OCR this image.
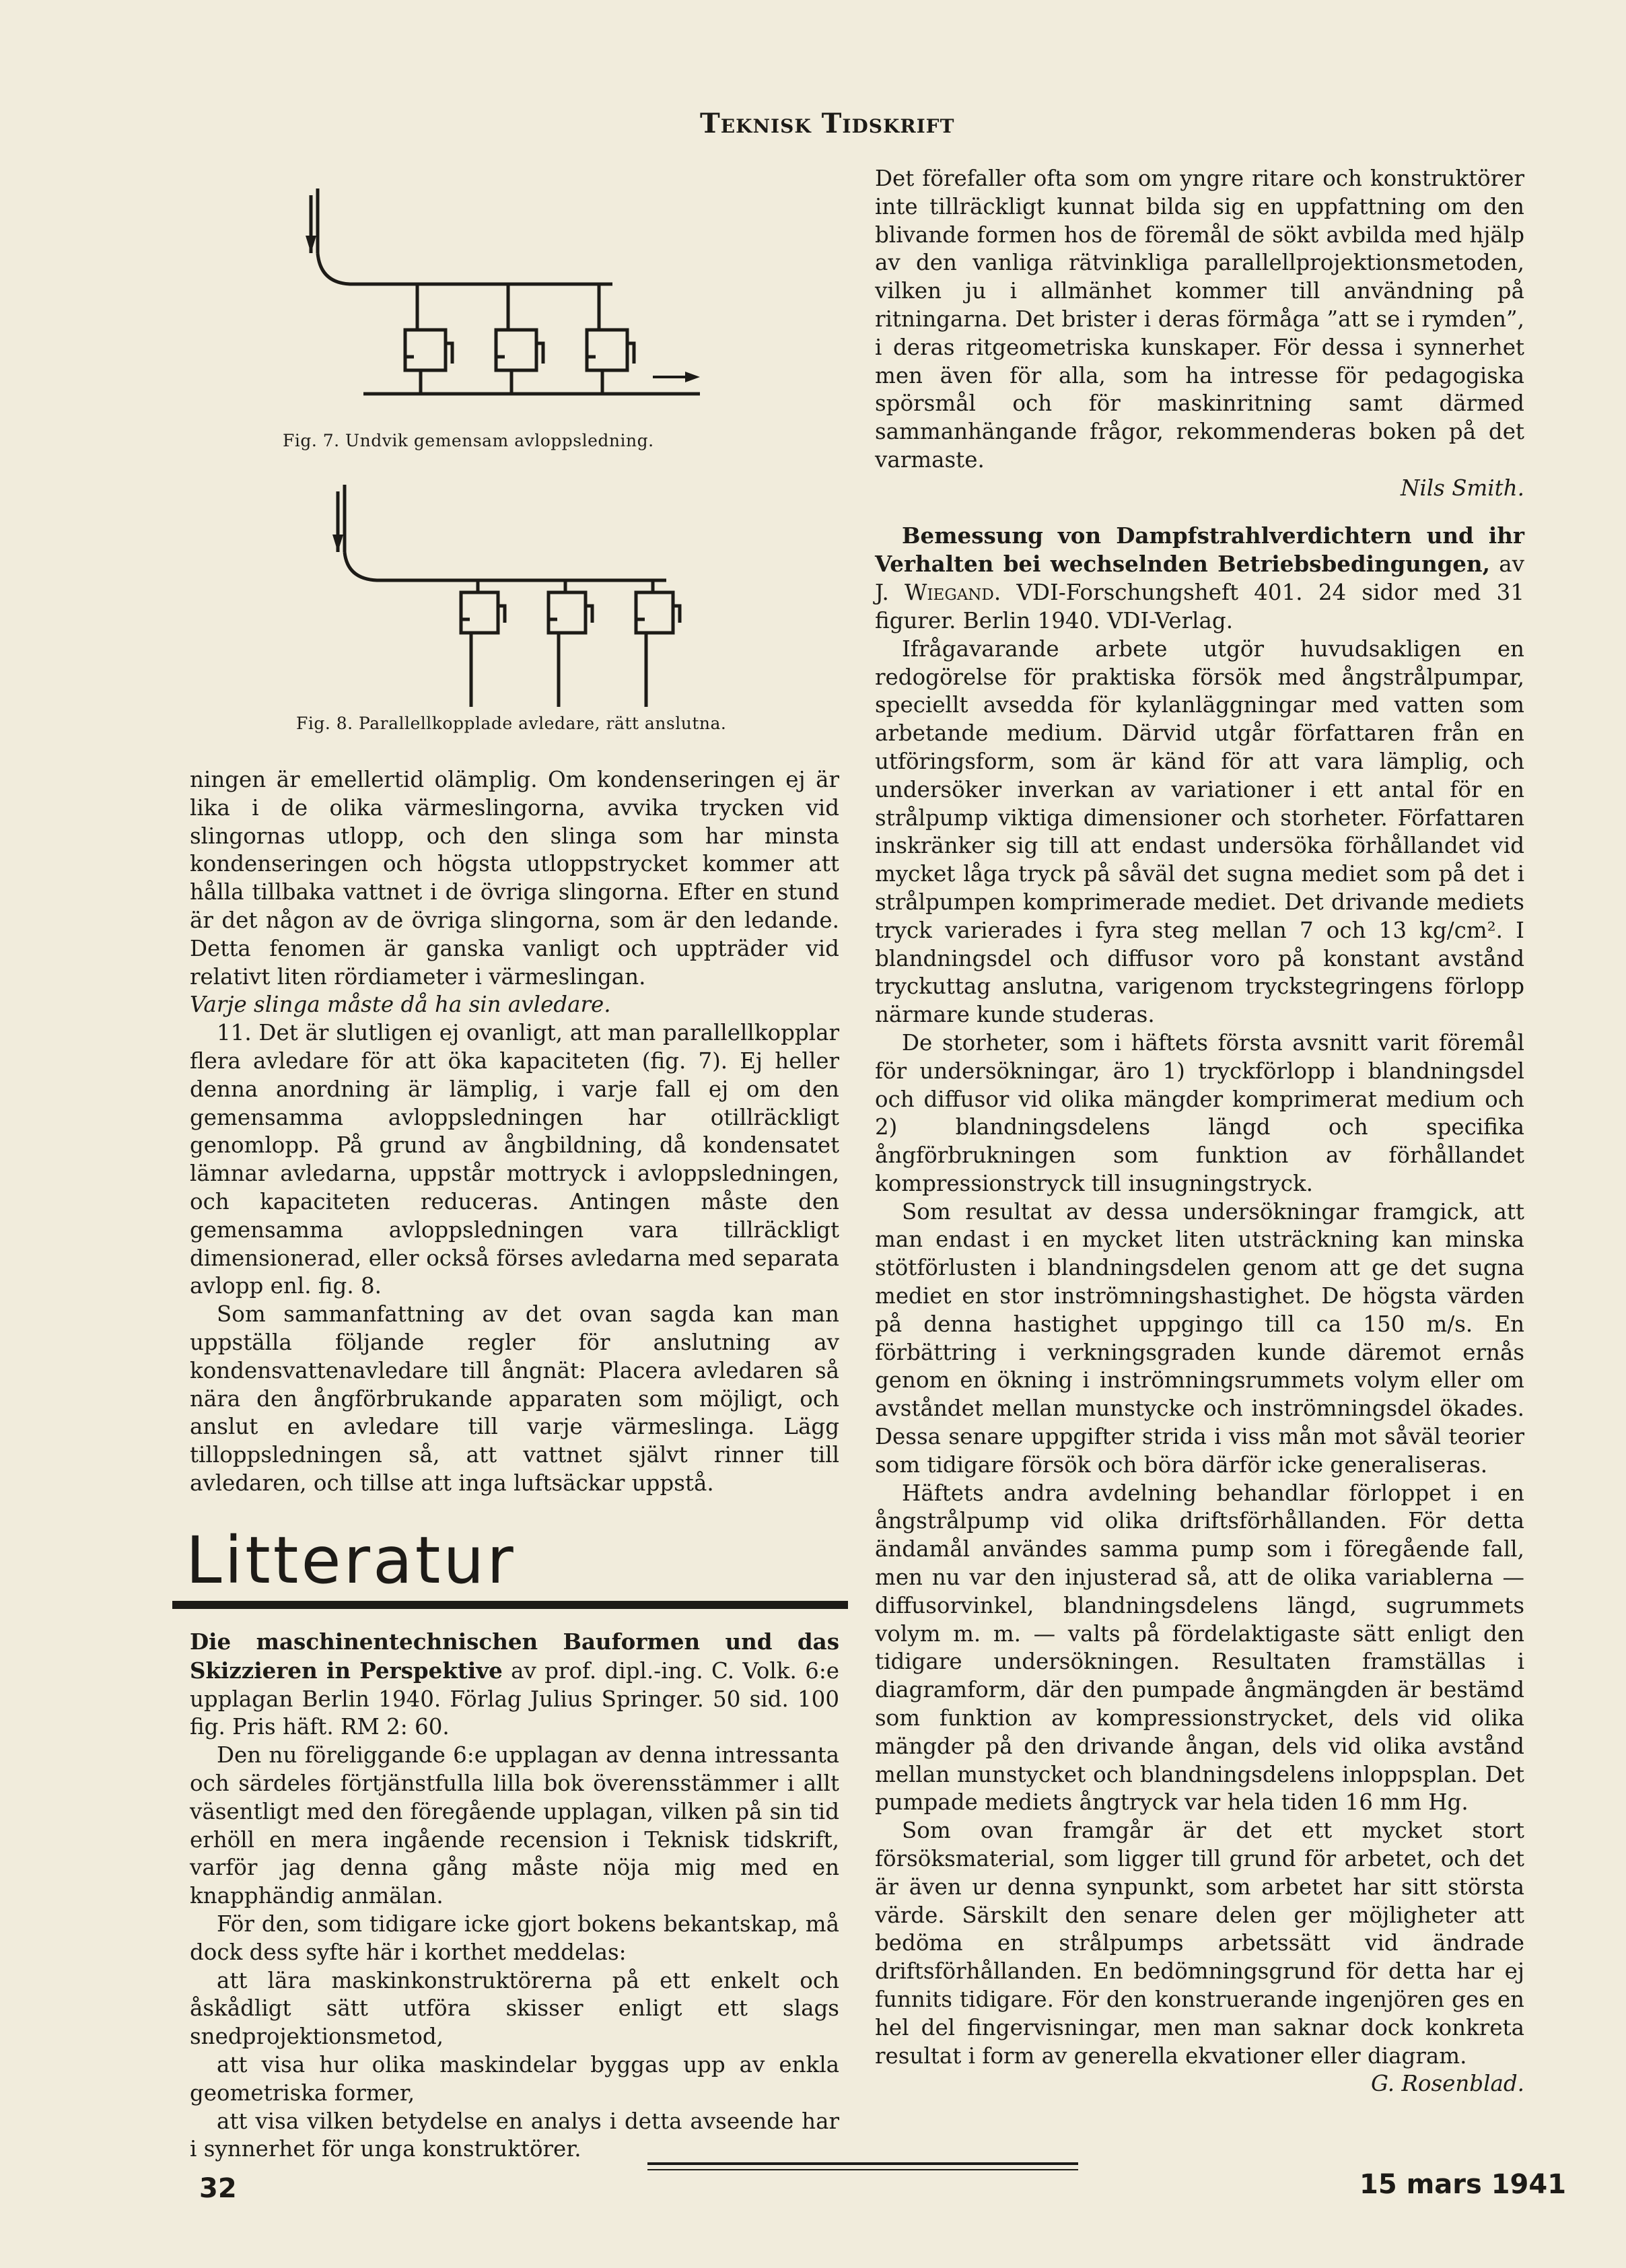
Teknisk Tidskrift
Fig. 7. Undvik gemensam avloppsledning.
Fig. 8. Parallellkopplade avledare, rätt anslutna.

ningen är emellertid olämplig. Om kondenseringen ej är lika i de olika värmeslingorna, avvika trycken vid slingornas utlopp, och den slinga som har minsta kondenseringen och högsta utloppstrycket kommer att hålla tillbaka vattnet i de övriga slingorna. Efter en stund är det någon av de övriga slingorna, som är den ledande. Detta fenomen är ganska vanligt och uppträder vid relativt liten rördiameter i värmeslingan.

Varje slinga måste då ha sin avledare.

11. Det är slutligen ej ovanligt, att man parallellkopplar flera avledare för att öka kapaciteten (fig. 7). Ej heller denna anordning är lämplig, i varje fall ej om den gemensamma avloppsledningen har otillräckligt genomlopp. På grund av ångbildning, då kondensatet lämnar avledarna, uppstår mottryck i avloppsledningen, och kapaciteten reduceras. Antingen måste den gemensamma avloppsledningen vara tillräckligt dimensionerad, eller också förses avledarna med separata avlopp enl. fig. 8.

Som sammanfattning av det ovan sagda kan man uppställa följande regler för anslutning av kondensvattenavledare till ångnät: Placera avledaren så nära den ångförbrukande apparaten som möjligt, och anslut en avledare till varje värmeslinga. Lägg tilloppsledningen så, att vattnet självt rinner till avledaren, och tillse att inga luftsäckar uppstå.

Litteratur

Die maschinentechnischen Bauformen und das Skizzieren in Perspektive av prof. dipl.-ing. C. Volk. 6:e upplagan Berlin 1940. Förlag Julius Springer. 50 sid. 100 fig. Pris häft. RM 2: 60.

Den nu föreliggande 6:e upplagan av denna intressanta och särdeles förtjänstfulla lilla bok överensstämmer i allt väsentligt med den föregående upplagan, vilken på sin tid erhöll en mera ingående recension i Teknisk tidskrift, varför jag denna gång måste nöja mig med en knapphändig anmälan.

För den, som tidigare icke gjort bokens bekantskap, må dock dess syfte här i korthet meddelas:

att lära maskinkonstruktörerna på ett enkelt och åskådligt sätt utföra skisser enligt ett slags snedprojektionsmetod,

att visa hur olika maskindelar byggas upp av enkla geometriska former,

att visa vilken betydelse en analys i detta avseende har i synnerhet för unga konstruktörer.

Det förefaller ofta som om yngre ritare och konstruktörer inte tillräckligt kunnat bilda sig en uppfattning om den blivande formen hos de föremål de sökt avbilda med hjälp av den vanliga rätvinkliga parallellprojektionsmetoden, vilken ju i allmänhet kommer till användning på ritningarna. Det brister i deras förmåga ”att se i rymden”, i deras ritgeometriska kunskaper. För dessa i synnerhet men även för alla, som ha intresse för pedagogiska spörsmål och för maskinritning samt därmed sammanhängande frågor, rekommenderas boken på det varmaste.

Nils Smith.

Bemessung von Dampfstrahlverdichtern und ihr Verhalten bei wechselnden Betriebsbedingungen, av J. Wiegand. VDI-Forschungsheft 401. 24 sidor med 31 figurer. Berlin 1940. VDI-Verlag.

Ifrågavarande arbete utgör huvudsakligen en redogörelse för praktiska försök med ångstrålpumpar, speciellt avsedda för kylanläggningar med vatten som arbetande medium. Därvid utgår författaren från en utföringsform, som är känd för att vara lämplig, och undersöker inverkan av variationer i ett antal för en strålpump viktiga dimensioner och storheter. Författaren inskränker sig till att endast undersöka förhållandet vid mycket låga tryck på såväl det sugna mediet som på det i strålpumpen komprimerade mediet. Det drivande mediets tryck varierades i fyra steg mellan 7 och 13 kg/cm². I blandningsdel och diffusor voro på konstant avstånd tryckuttag anslutna, varigenom tryckstegringens förlopp närmare kunde studeras.

De storheter, som i häftets första avsnitt varit föremål för undersökningar, äro 1) tryckförlopp i blandningsdel och diffusor vid olika mängder komprimerat medium och 2) blandningsdelens längd och specifika ångförbrukningen som funktion av förhållandet kompressionstryck till insugningstryck.

Som resultat av dessa undersökningar framgick, att man endast i en mycket liten utsträckning kan minska stötförlusten i blandningsdelen genom att ge det sugna mediet en stor inströmningshastighet. De högsta värden på denna hastighet uppgingo till ca 150 m/s. En förbättring i verkningsgraden kunde däremot ernås genom en ökning i inströmningsrummets volym eller om avståndet mellan munstycke och inströmningsdel ökades. Dessa senare uppgifter strida i viss mån mot såväl teorier som tidigare försök och böra därför icke generaliseras.

Häftets andra avdelning behandlar förloppet i en ångstrålpump vid olika driftsförhållanden. För detta ändamål användes samma pump som i föregående fall, men nu var den injusterad så, att de olika variablerna — diffusorvinkel, blandningsdelens längd, sugrummets volym m. m. — valts på fördelaktigaste sätt enligt den tidigare undersökningen. Resultaten framställas i diagramform, där den pumpade ångmängden är bestämd som funktion av kompressionstrycket, dels vid olika mängder på den drivande ångan, dels vid olika avstånd mellan munstycket och blandningsdelens inloppsplan. Det pumpade mediets ångtryck var hela tiden 16 mm Hg.

Som ovan framgår är det ett mycket stort försöksmaterial, som ligger till grund för arbetet, och det är även ur denna synpunkt, som arbetet har sitt största värde. Särskilt den senare delen ger möjligheter att bedöma en strålpumps arbetssätt vid ändrade driftsförhållanden. En bedömningsgrund för detta har ej funnits tidigare. För den konstruerande ingenjören ges en hel del fingervisningar, men man saknar dock konkreta resultat i form av generella ekvationer eller diagram.

G. Rosenblad.
32	15 mars 1941
